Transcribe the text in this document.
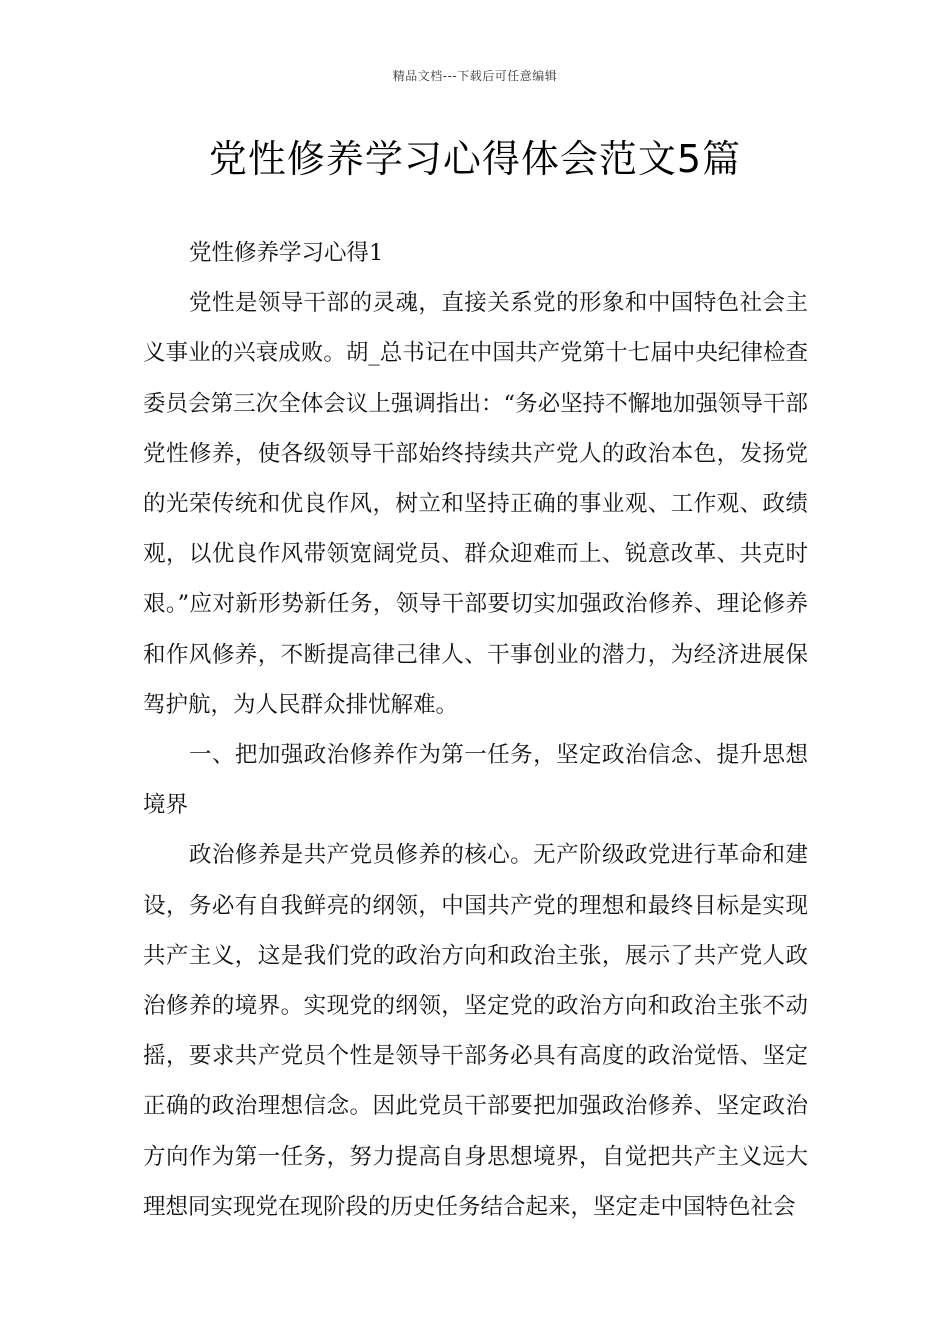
精品文档---下载后可任意编辑
党性修养学习心得体会范文5篇

党性修养学习心得1

党性是领导干部的灵魂，直接关系党的形象和中国特色社会主义事业的兴衰成败。胡_总书记在中国共产党第十七届中央纪律检查委员会第三次全体会议上强调指出：“务必坚持不懈地加强领导干部党性修养，使各级领导干部始终持续共产党人的政治本色，发扬党的光荣传统和优良作风，树立和坚持正确的事业观、工作观、政绩观，以优良作风带领宽阔党员、群众迎难而上、锐意改革、共克时艰。”应对新形势新任务，领导干部要切实加强政治修养、理论修养和作风修养，不断提高律己律人、干事创业的潜力，为经济进展保驾护航，为人民群众排忧解难。

一、把加强政治修养作为第一任务，坚定政治信念、提升思想境界

政治修养是共产党员修养的核心。无产阶级政党进行革命和建设，务必有自我鲜亮的纲领，中国共产党的理想和最终目标是实现共产主义，这是我们党的政治方向和政治主张，展示了共产党人政治修养的境界。实现党的纲领，坚定党的政治方向和政治主张不动摇，要求共产党员个性是领导干部务必具有高度的政治觉悟、坚定正确的政治理想信念。因此党员干部要把加强政治修养、坚定政治方向作为第一任务，努力提高自身思想境界，自觉把共产主义远大理想同实现党在现阶段的历史任务结合起来，坚定走中国特色社会
